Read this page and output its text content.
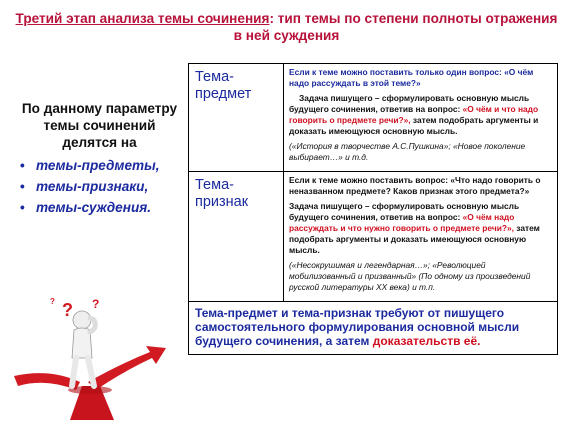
Третий этап анализа темы сочинения: тип темы по степени полноты отражения в ней суждения
По данному параметру темы сочинений делятся на
• темы-предметы,
• темы-признаки,
• темы-суждения.
? ?
?
Тема-предмет	Если к теме можно поставить только один вопрос: «О чём надо рассуждать в этой теме?»

Задача пишущего – сформулировать основную мысль будущего сочинения, ответив на вопрос: «О чём и что надо говорить о предмете речи?», затем подобрать аргументы и доказать имеющуюся основную мысль.

(«История в творчестве А.С.Пушкина»; «Новое поколение выбирает…» и т.д.

Тема-признак	Если к теме можно поставить вопрос: «Что надо говорить о неназванном предмете? Каков признак этого предмета?»

Задача пишущего – сформулировать основную мысль будущего сочинения, ответив на вопрос: «О чём надо рассуждать и что нужно говорить о предмете речи?», затем подобрать аргументы и доказать имеющуюся основную мысль.

(«Несокрушимая и легендарная…»; «Революцией мобилизованный и призванный» (По одному из произведений русской литературы XX века) и т.п.

Тема-предмет и тема-признак требуют от пишущего самостоятельного формулирования основной мысли будущего сочинения, а затем доказательств её.	
